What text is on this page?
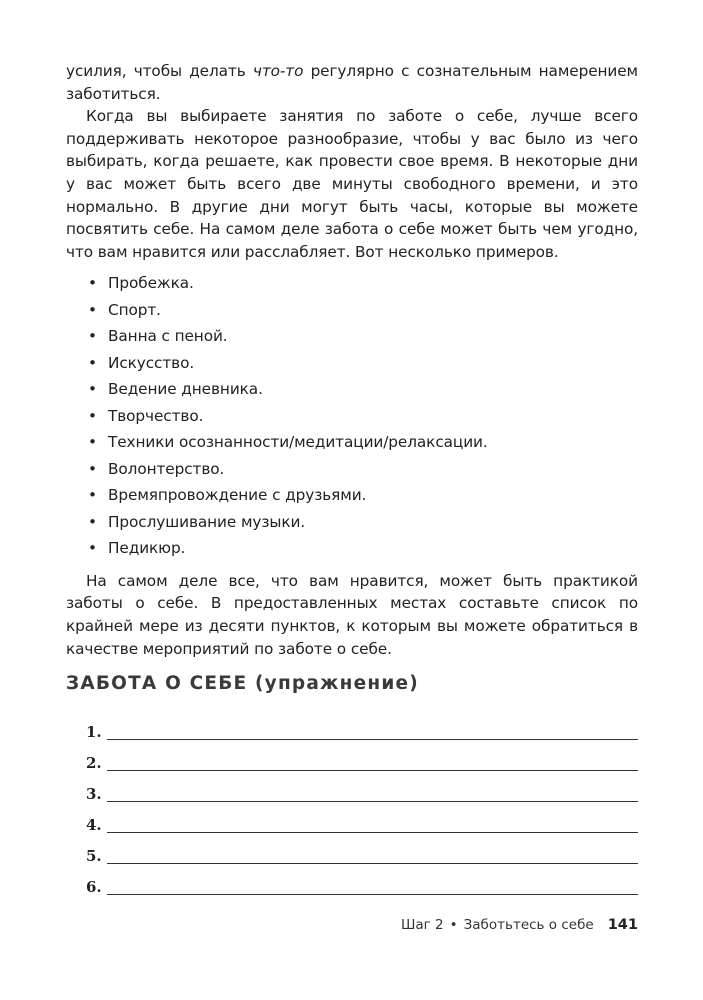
усилия, чтобы делать что-то регулярно с сознательным намерением заботиться.

Когда вы выбираете занятия по заботе о себе, лучше всего поддерживать некоторое разнообразие, чтобы у вас было из чего выбирать, когда решаете, как провести свое время. В некоторые дни у вас может быть всего две минуты свободного времени, и это нормально. В другие дни могут быть часы, которые вы можете посвятить себе. На самом деле забота о себе может быть чем угодно, что вам нравится или расслабляет. Вот несколько примеров.

• Пробежка.
• Спорт.
• Ванна с пеной.
• Искусство.
• Ведение дневника.
• Творчество.
• Техники осознанности/медитации/релаксации.
• Волонтерство.
• Времяпровождение с друзьями.
• Прослушивание музыки.
• Педикюр.

На самом деле все, что вам нравится, может быть практикой заботы о себе. В предоставленных местах составьте список по крайней мере из десяти пунктов, к которым вы можете обратиться в качестве мероприятий по заботе о себе.

ЗАБОТА О СЕБЕ (упражнение)
1.
2.
3.
4.
5.
6.
Шаг 2 • Заботьтесь о себе 141
